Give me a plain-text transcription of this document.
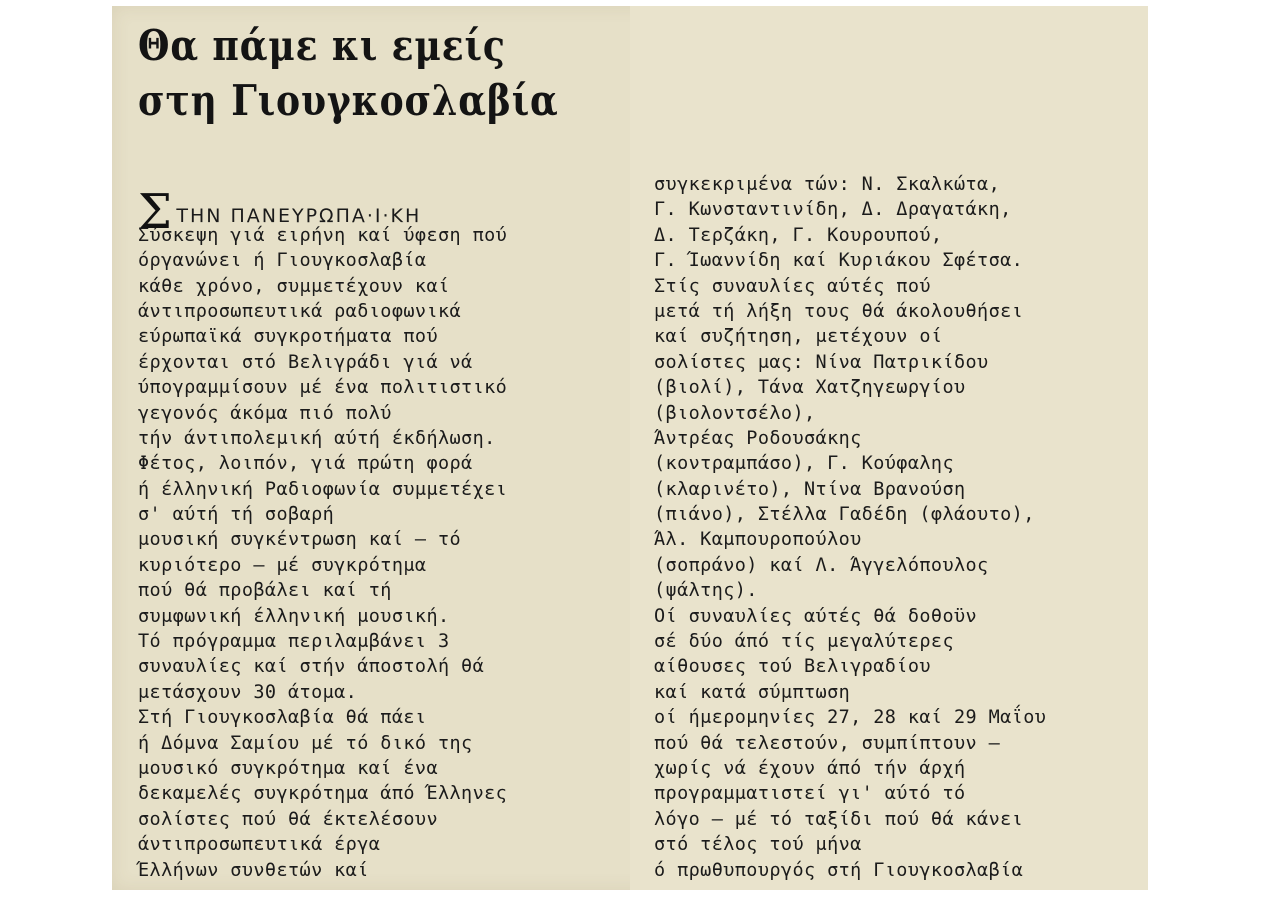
Θα πάμε κι εμείς
στη Γιουγκοσλαβία
ΣΤΗΝ ΠΑΝΕΥΡΩΠΑ·Ι·ΚΗ
Σύσκεψη γιά ειρήνη καί ύφεση πού
όργανώνει ή Γιουγκοσλαβία
κάθε χρόνο, συμμετέχουν καί
άντιπροσωπευτικά ραδιοφωνικά
εύρωπαϊκά συγκροτήματα πού
έρχονται στό Βελιγράδι γιά νά
ύπογραμμίσουν μέ ένα πολιτιστικό
γεγονός άκόμα πιό πολύ
τήν άντιπολεμική αύτή έκδήλωση.
Φέτος, λοιπόν, γιά πρώτη φορά
ή έλληνική Ραδιοφωνία συμμετέχει
σ' αύτή τή σοβαρή
μουσική συγκέντρωση καί — τό
κυριότερο — μέ συγκρότημα
πού θά προβάλει καί τή
συμφωνική έλληνική μουσική.
Τό πρόγραμμα περιλαμβάνει 3
συναυλίες καί στήν άποστολή θά
μετάσχουν 30 άτομα.
Στή Γιουγκοσλαβία θά πάει
ή Δόμνα Σαμίου μέ τό δικό της
μουσικό συγκρότημα καί ένα
δεκαμελές συγκρότημα άπό Έλληνες
σολίστες πού θά έκτελέσουν
άντιπροσωπευτικά έργα
Έλλήνων συνθετών καί
συγκεκριμένα τών: Ν. Σκαλκώτα,
Γ. Κωνσταντινίδη, Δ. Δραγατάκη,
Δ. Τερζάκη, Γ. Κουρουπού,
Γ. Ίωαννίδη καί Κυριάκου Σφέτσα.
Στίς συναυλίες αύτές πού
μετά τή λήξη τους θά άκολουθήσει
καί συζήτηση, μετέχουν οί
σολίστες μας: Νίνα Πατρικίδου
(βιολί), Τάνα Χατζηγεωργίου
(βιολοντσέλο),
Άντρέας Ροδουσάκης
(κοντραμπάσο), Γ. Κούφαλης
(κλαρινέτο), Ντίνα Βρανούση
(πιάνο), Στέλλα Γαδέδη (φλάουτο),
Άλ. Καμπουροπούλου
(σοπράνο) καί Λ. Άγγελόπουλος
(ψάλτης).
Οί συναυλίες αύτές θά δοθοϋν
σέ δύο άπό τίς μεγαλύτερες
αίθουσες τού Βελιγραδίου
καί κατά σύμπτωση
οί ήμερομηνίες 27, 28 καί 29 Μαΐου
πού θά τελεστούν, συμπίπτουν —
χωρίς νά έχουν άπό τήν άρχή
προγραμματιστεί γι' αύτό τό
λόγο — μέ τό ταξίδι πού θά κάνει
στό τέλος τού μήνα
ό πρωθυπουργός στή Γιουγκοσλαβία
